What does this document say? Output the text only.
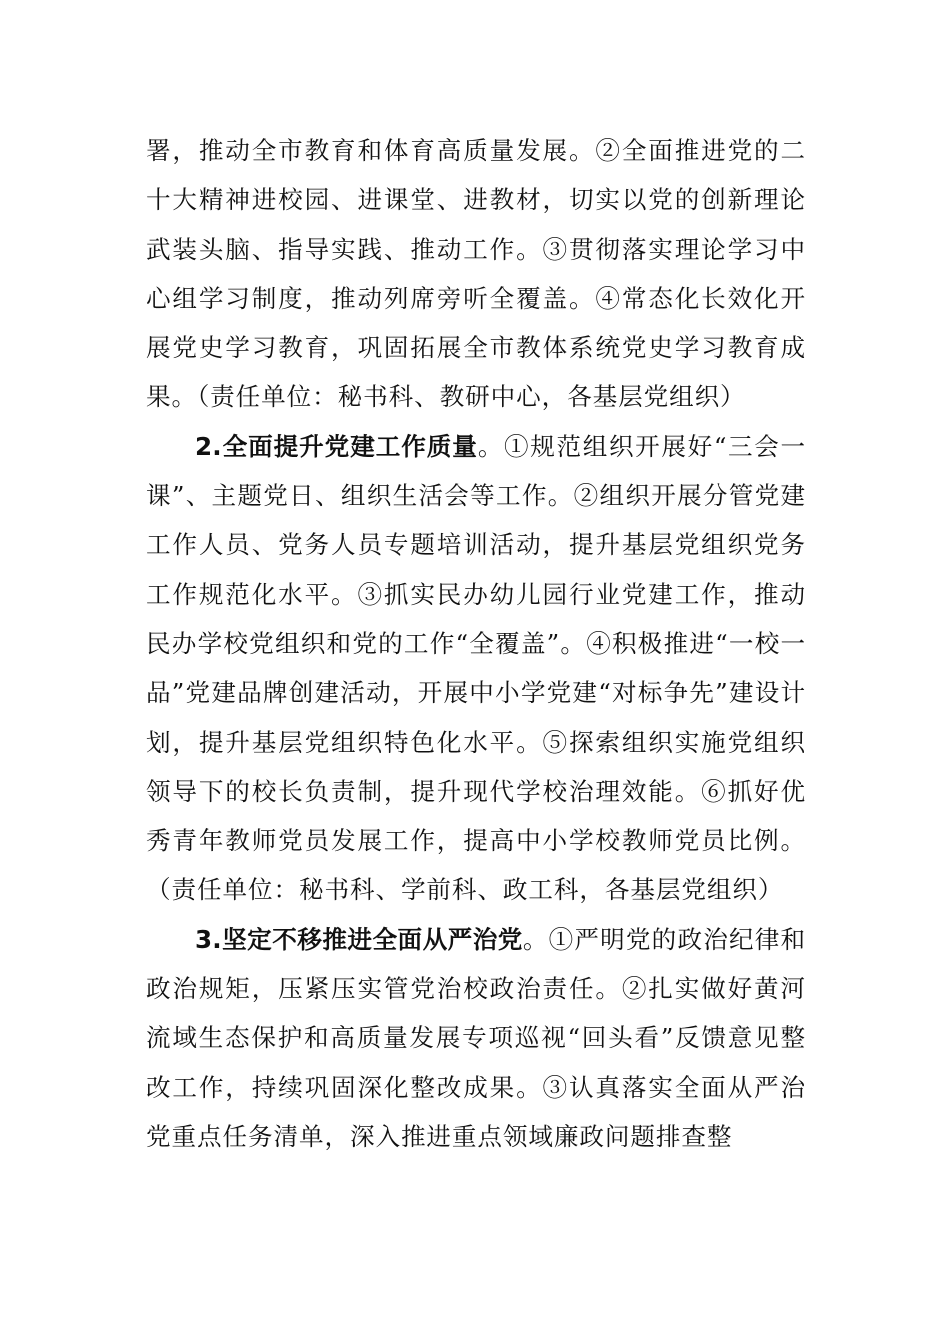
署，推动全市教育和体育高质量发展。②全面推进党的二十大精神进校园、进课堂、进教材，切实以党的创新理论武装头脑、指导实践、推动工作。③贯彻落实理论学习中心组学习制度，推动列席旁听全覆盖。④常态化长效化开展党史学习教育，巩固拓展全市教体系统党史学习教育成果。（责任单位：秘书科、教研中心，各基层党组织）

2.全面提升党建工作质量。①规范组织开展好“三会一课”、主题党日、组织生活会等工作。②组织开展分管党建工作人员、党务人员专题培训活动，提升基层党组织党务工作规范化水平。③抓实民办幼儿园行业党建工作，推动民办学校党组织和党的工作“全覆盖”。④积极推进“一校一品”党建品牌创建活动，开展中小学党建“对标争先”建设计划，提升基层党组织特色化水平。⑤探索组织实施党组织领导下的校长负责制，提升现代学校治理效能。⑥抓好优秀青年教师党员发展工作，提高中小学校教师党员比例。（责任单位：秘书科、学前科、政工科，各基层党组织）

3.坚定不移推进全面从严治党。①严明党的政治纪律和政治规矩，压紧压实管党治校政治责任。②扎实做好黄河流域生态保护和高质量发展专项巡视“回头看”反馈意见整改工作，持续巩固深化整改成果。③认真落实全面从严治党重点任务清单，深入推进重点领域廉政问题排查整
